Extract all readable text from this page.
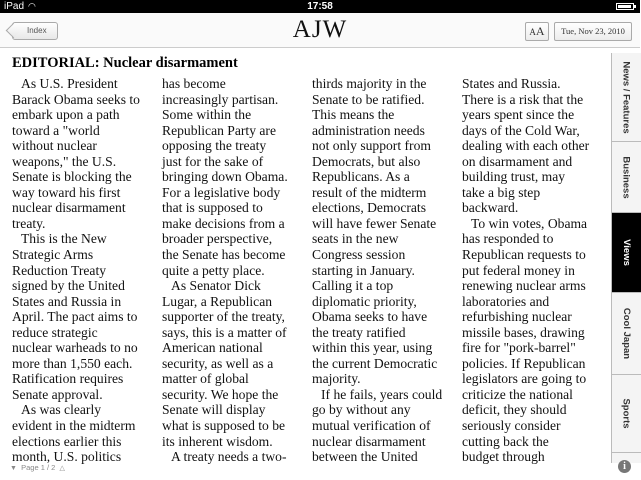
iPad ◠	17:58
Index	AJW	AA	Tue, Nov 23, 2010
EDITORIAL: Nuclear disarmament
As U.S. President
Barack Obama seeks to
embark upon a path
toward a "world
without nuclear
weapons," the U.S.
Senate is blocking the
way toward his first
nuclear disarmament
treaty.
This is the New
Strategic Arms
Reduction Treaty
signed by the United
States and Russia in
April. The pact aims to
reduce strategic
nuclear warheads to no
more than 1,550 each.
Ratification requires
Senate approval.
As was clearly
evident in the midterm
elections earlier this
month, U.S. politics
has become
increasingly partisan.
Some within the
Republican Party are
opposing the treaty
just for the sake of
bringing down Obama.
For a legislative body
that is supposed to
make decisions from a
broader perspective,
the Senate has become
quite a petty place.
As Senator Dick
Lugar, a Republican
supporter of the treaty,
says, this is a matter of
American national
security, as well as a
matter of global
security. We hope the
Senate will display
what is supposed to be
its inherent wisdom.
A treaty needs a two-
thirds majority in the
Senate to be ratified.
This means the
administration needs
not only support from
Democrats, but also
Republicans. As a
result of the midterm
elections, Democrats
will have fewer Senate
seats in the new
Congress session
starting in January.
Calling it a top
diplomatic priority,
Obama seeks to have
the treaty ratified
within this year, using
the current Democratic
majority.
If he fails, years could
go by without any
mutual verification of
nuclear disarmament
between the United
States and Russia.
There is a risk that the
years spent since the
days of the Cold War,
dealing with each other
on disarmament and
building trust, may
take a big step
backward.
To win votes, Obama
has responded to
Republican requests to
put federal money in
renewing nuclear arms
laboratories and
refurbishing nuclear
missile bases, drawing
fire for "pork-barrel"
policies. If Republican
legislators are going to
criticize the national
deficit, they should
seriously consider
cutting back the
budget through
News / Features
Business
Views
Cool Japan
Sports
▼ Page 1 / 2 △	i
